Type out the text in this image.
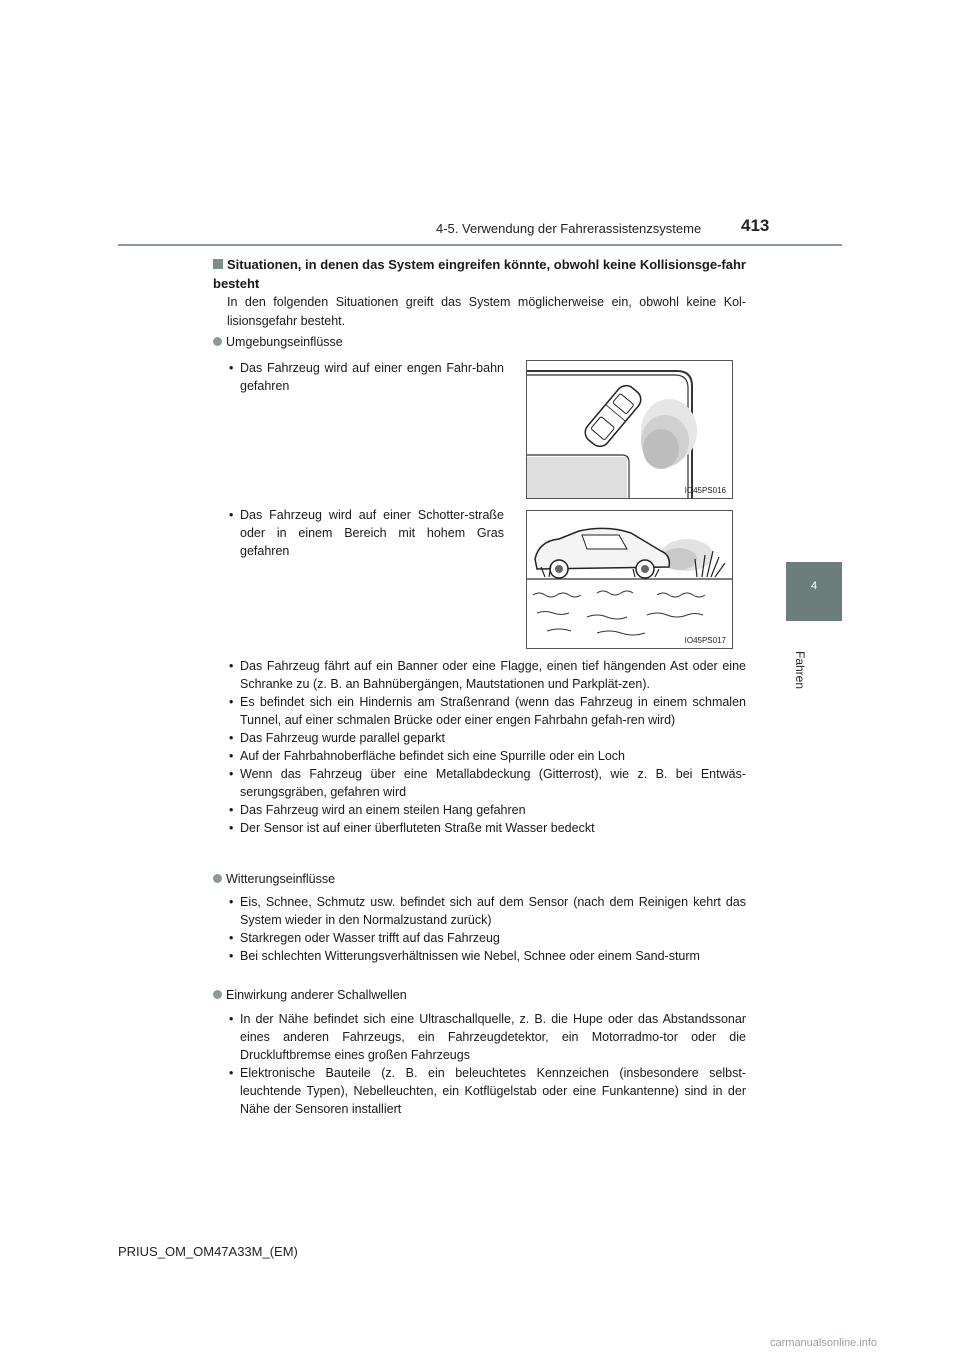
4-5. Verwendung der Fahrerassistenzsysteme 413
4
Fahren
Situationen, in denen das System eingreifen könnte, obwohl keine Kollisionsge-fahr besteht
In den folgenden Situationen greift das System möglicherweise ein, obwohl keine Kol-lisionsgefahr besteht.
Umgebungseinflüsse
• Das Fahrzeug wird auf einer engen Fahr-bahn gefahren
• Das Fahrzeug wird auf einer Schotter-straße oder in einem Bereich mit hohem Gras gefahren
IO45PS016
IO45PS017
• Das Fahrzeug fährt auf ein Banner oder eine Flagge, einen tief hängenden Ast oder eine Schranke zu (z. B. an Bahnübergängen, Mautstationen und Parkplät-zen).
• Es befindet sich ein Hindernis am Straßenrand (wenn das Fahrzeug in einem schmalen Tunnel, auf einer schmalen Brücke oder einer engen Fahrbahn gefah-ren wird)
• Das Fahrzeug wurde parallel geparkt
• Auf der Fahrbahnoberfläche befindet sich eine Spurrille oder ein Loch
• Wenn das Fahrzeug über eine Metallabdeckung (Gitterrost), wie z. B. bei Entwäs-serungsgräben, gefahren wird
• Das Fahrzeug wird an einem steilen Hang gefahren
• Der Sensor ist auf einer überfluteten Straße mit Wasser bedeckt
Witterungseinflüsse
• Eis, Schnee, Schmutz usw. befindet sich auf dem Sensor (nach dem Reinigen kehrt das System wieder in den Normalzustand zurück)
• Starkregen oder Wasser trifft auf das Fahrzeug
• Bei schlechten Witterungsverhältnissen wie Nebel, Schnee oder einem Sand-sturm
Einwirkung anderer Schallwellen
• In der Nähe befindet sich eine Ultraschallquelle, z. B. die Hupe oder das Abstandssonar eines anderen Fahrzeugs, ein Fahrzeugdetektor, ein Motorradmo-tor oder die Druckluftbremse eines großen Fahrzeugs
• Elektronische Bauteile (z. B. ein beleuchtetes Kennzeichen (insbesondere selbst-leuchtende Typen), Nebelleuchten, ein Kotflügelstab oder eine Funkantenne) sind in der Nähe der Sensoren installiert
PRIUS_OM_OM47A33M_(EM)
carmanualsonline.info
